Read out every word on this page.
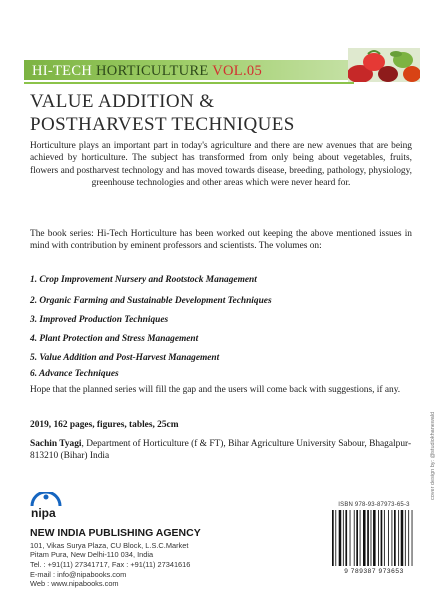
HI-TECH HORTICULTURE VOL.05
VALUE ADDITION &
POSTHARVEST TECHNIQUES
Horticulture plays an important part in today's agriculture and there are new avenues that are being achieved by horticulture. The subject has transformed from only being about vegetables, fruits, flowers and postharvest technology and has moved towards disease, breeding, pathology, physiology, greenhouse technologies and other areas which were never heard for.
The book series: Hi-Tech Horticulture has been worked out keeping the above mentioned issues in mind with contribution by eminent professors and scientists. The volumes on:
1. Crop Improvement Nursery and Rootstock Management
2. Organic Farming and Sustainable Development Techniques
3. Improved Production Techniques
4. Plant Protection and Stress Management
5. Value Addition and Post-Harvest Management
6. Advance Techniques
Hope that the planned series will fill the gap and the users will come back with suggestions, if any.
2019, 162 pages, figures, tables, 25cm
Sachin Tyagi, Department of Horticulture (f & FT), Bihar Agriculture University Sabour, Bhagalpur-813210 (Bihar) India
nipa
NEW INDIA PUBLISHING AGENCY
101, Vikas Surya Plaza, CU Block, L.S.C.Market
Pitam Pura, New Delhi-110 034, India
Tel. : +91(11) 27341717, Fax : +91(11) 27341616
E-mail : info@nipabooks.com
Web : www.nipabooks.com
ISBN 978-93-87973-65-3
9 789387 973653
cover design by: @studiokhanewald
